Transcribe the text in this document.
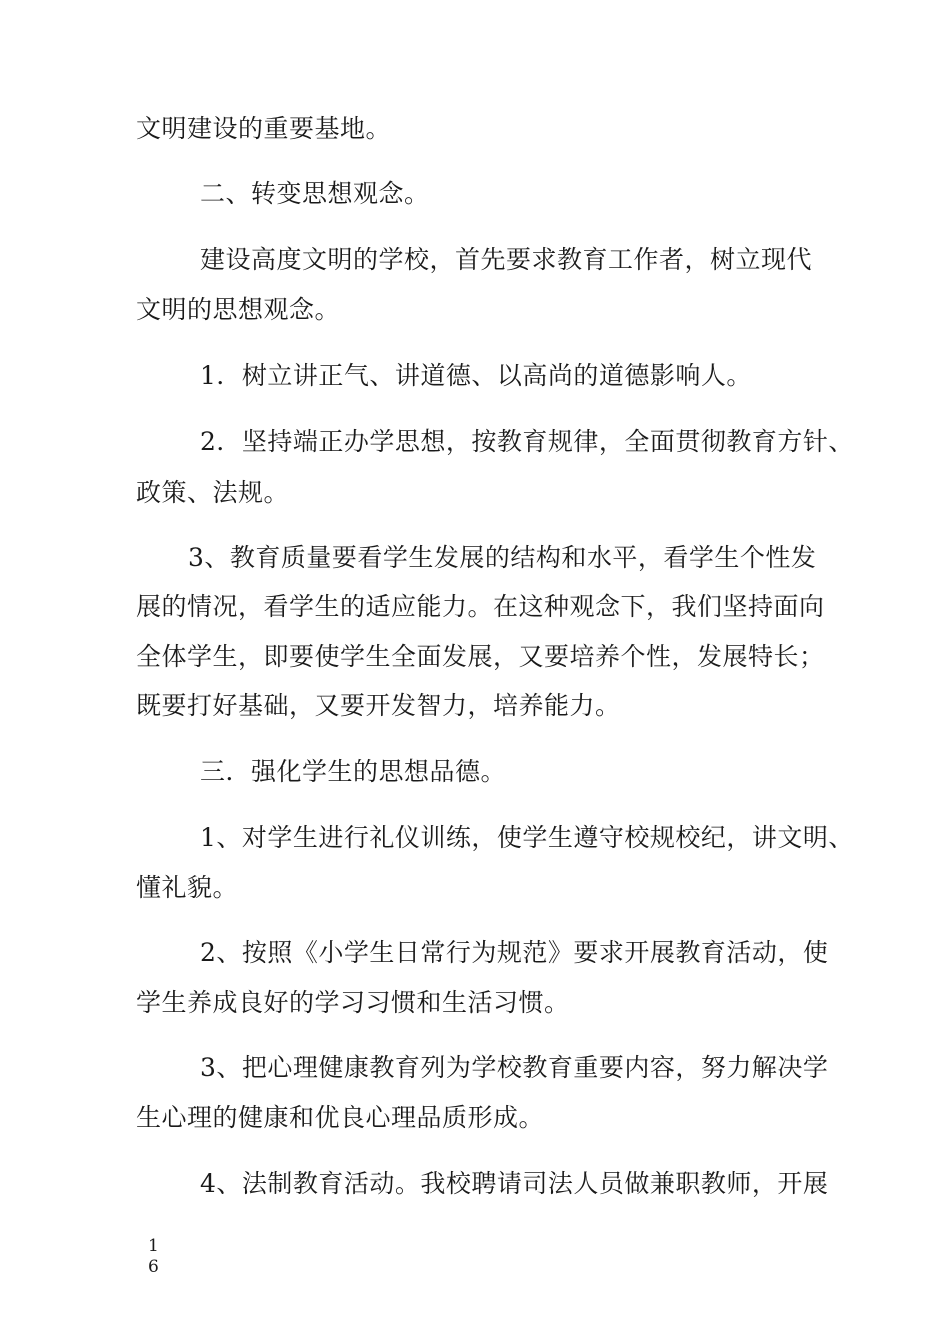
文明建设的重要基地。
二、转变思想观念。
建设高度文明的学校，首先要求教育工作者，树立现代
文明的思想观念。
1．树立讲正气、讲道德、以高尚的道德影响人。
2．坚持端正办学思想，按教育规律，全面贯彻教育方针、
政策、法规。
3、教育质量要看学生发展的结构和水平，看学生个性发
展的情况，看学生的适应能力。在这种观念下，我们坚持面向
全体学生，即要使学生全面发展，又要培养个性，发展特长；
既要打好基础，又要开发智力，培养能力。
三．强化学生的思想品德。
1、对学生进行礼仪训练，使学生遵守校规校纪，讲文明、
懂礼貌。
2、按照《小学生日常行为规范》要求开展教育活动，使
学生养成良好的学习习惯和生活习惯。
3、把心理健康教育列为学校教育重要内容，努力解决学
生心理的健康和优良心理品质形成。
4、法制教育活动。我校聘请司法人员做兼职教师，开展
1
6
